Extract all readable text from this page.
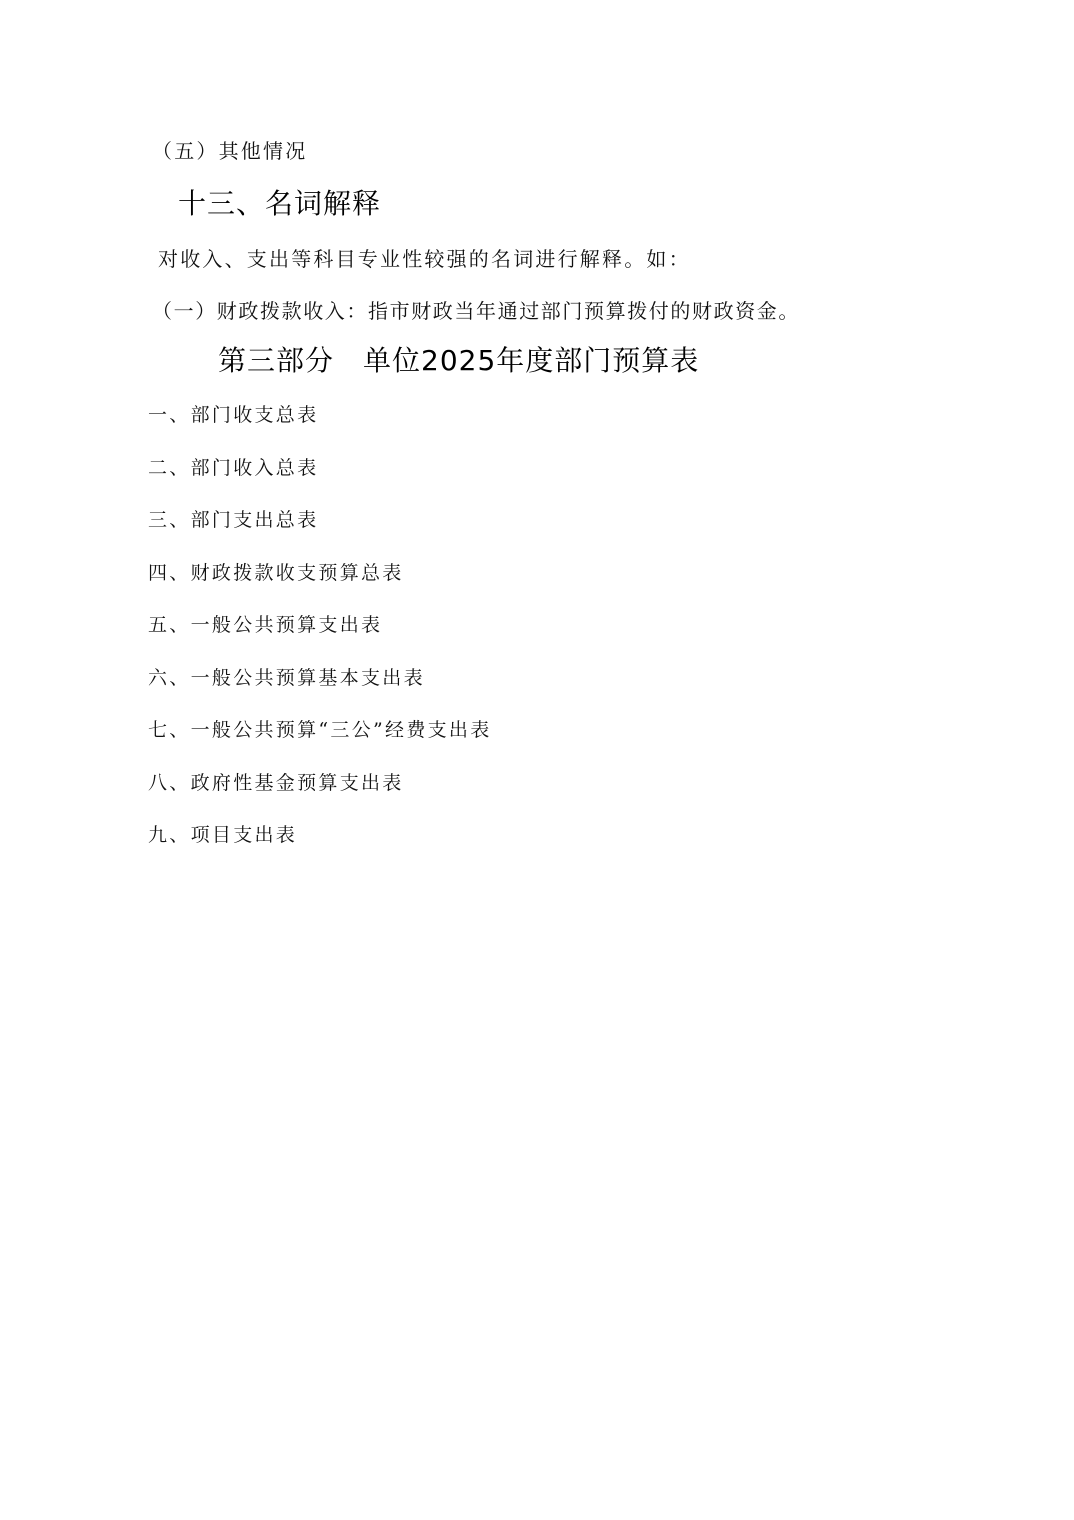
（五）其他情况
十三、名词解释
对收入、支出等科目专业性较强的名词进行解释。如：
（一）财政拨款收入：指市财政当年通过部门预算拨付的财政资金。
第三部分　单位2025年度部门预算表
一、部门收支总表
二、部门收入总表
三、部门支出总表
四、财政拨款收支预算总表
五、一般公共预算支出表
六、一般公共预算基本支出表
七、一般公共预算“三公”经费支出表
八、政府性基金预算支出表
九、项目支出表
